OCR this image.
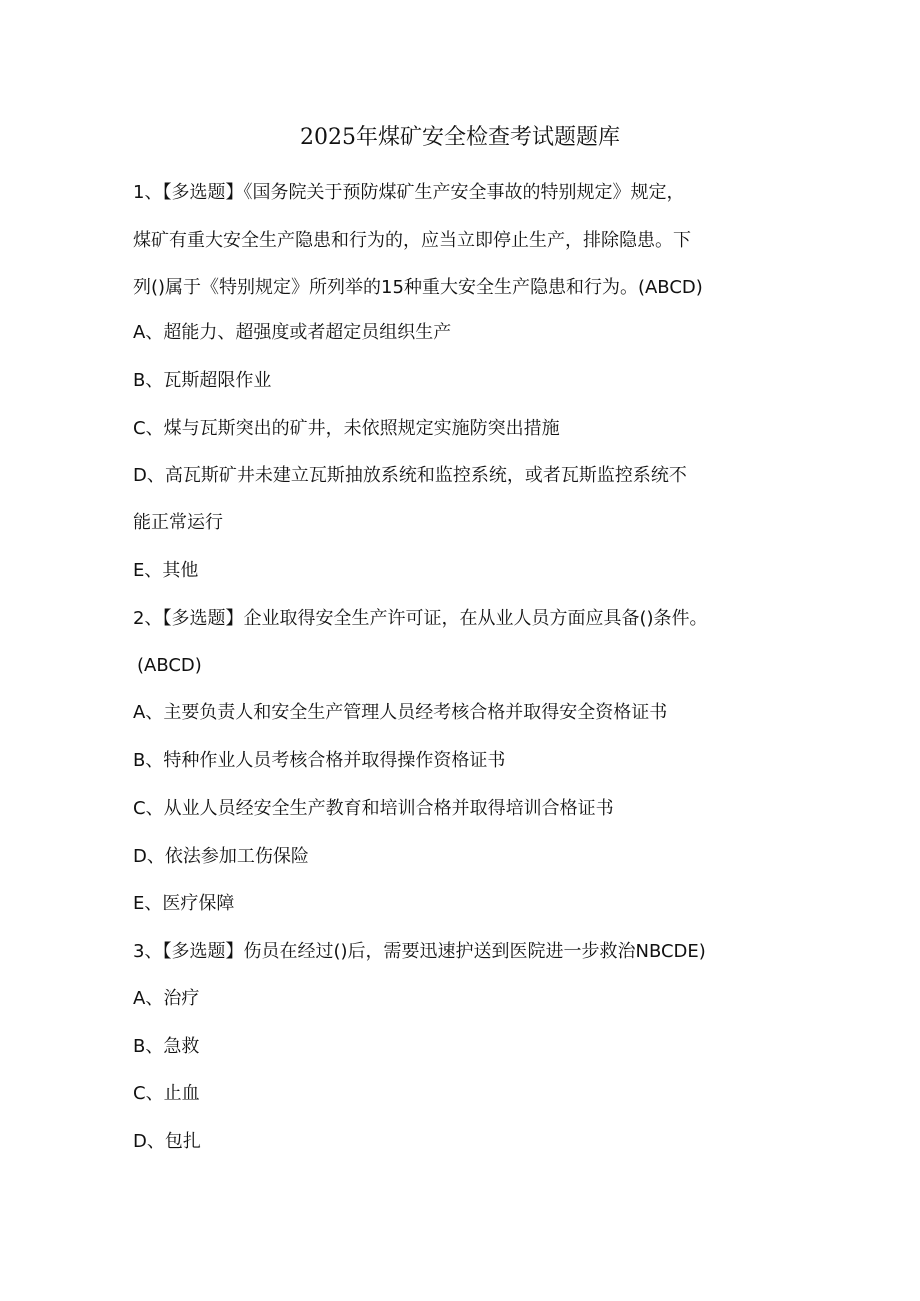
2025年煤矿安全检查考试题题库
1、【多选题】《国务院关于预防煤矿生产安全事故的特别规定》规定，
煤矿有重大安全生产隐患和行为的，应当立即停止生产，排除隐患。下
列()属于《特别规定》所列举的15种重大安全生产隐患和行为。(ABCD)
A、超能力、超强度或者超定员组织生产
B、瓦斯超限作业
C、煤与瓦斯突出的矿井，未依照规定实施防突出措施
D、高瓦斯矿井未建立瓦斯抽放系统和监控系统，或者瓦斯监控系统不
能正常运行
E、其他
2、【多选题】企业取得安全生产许可证，在从业人员方面应具备()条件。
(ABCD)
A、主要负责人和安全生产管理人员经考核合格并取得安全资格证书
B、特种作业人员考核合格并取得操作资格证书
C、从业人员经安全生产教育和培训合格并取得培训合格证书
D、依法参加工伤保险
E、医疗保障
3、【多选题】伤员在经过()后，需要迅速护送到医院进一步救治NBCDE)
A、治疗
B、急救
C、止血
D、包扎
